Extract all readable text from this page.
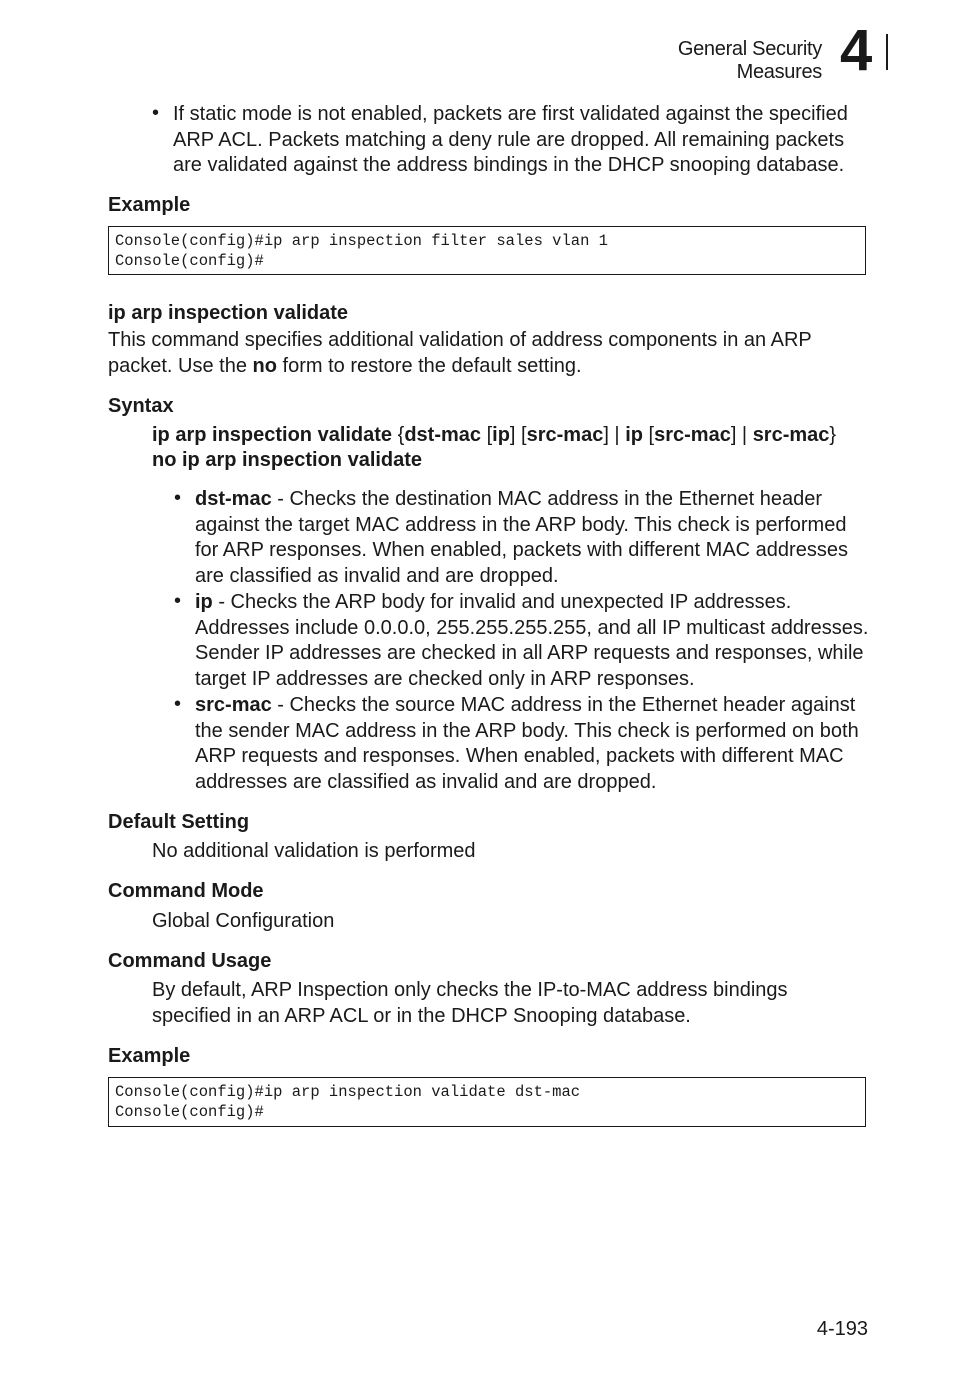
General Security Measures 4
• If static mode is not enabled, packets are first validated against the specified ARP ACL. Packets matching a deny rule are dropped. All remaining packets are validated against the address bindings in the DHCP snooping database.
Example
Console(config)#ip arp inspection filter sales vlan 1
Console(config)#
ip arp inspection validate
This command specifies additional validation of address components in an ARP packet. Use the no form to restore the default setting.
Syntax
ip arp inspection validate {dst-mac [ip] [src-mac] | ip [src-mac] | src-mac}
no ip arp inspection validate
• dst-mac - Checks the destination MAC address in the Ethernet header against the target MAC address in the ARP body. This check is performed for ARP responses. When enabled, packets with different MAC addresses are classified as invalid and are dropped.
• ip - Checks the ARP body for invalid and unexpected IP addresses. Addresses include 0.0.0.0, 255.255.255.255, and all IP multicast addresses. Sender IP addresses are checked in all ARP requests and responses, while target IP addresses are checked only in ARP responses.
• src-mac - Checks the source MAC address in the Ethernet header against the sender MAC address in the ARP body. This check is performed on both ARP requests and responses. When enabled, packets with different MAC addresses are classified as invalid and are dropped.
Default Setting
No additional validation is performed
Command Mode
Global Configuration
Command Usage
By default, ARP Inspection only checks the IP-to-MAC address bindings specified in an ARP ACL or in the DHCP Snooping database.
Example
Console(config)#ip arp inspection validate dst-mac
Console(config)#
4-193
